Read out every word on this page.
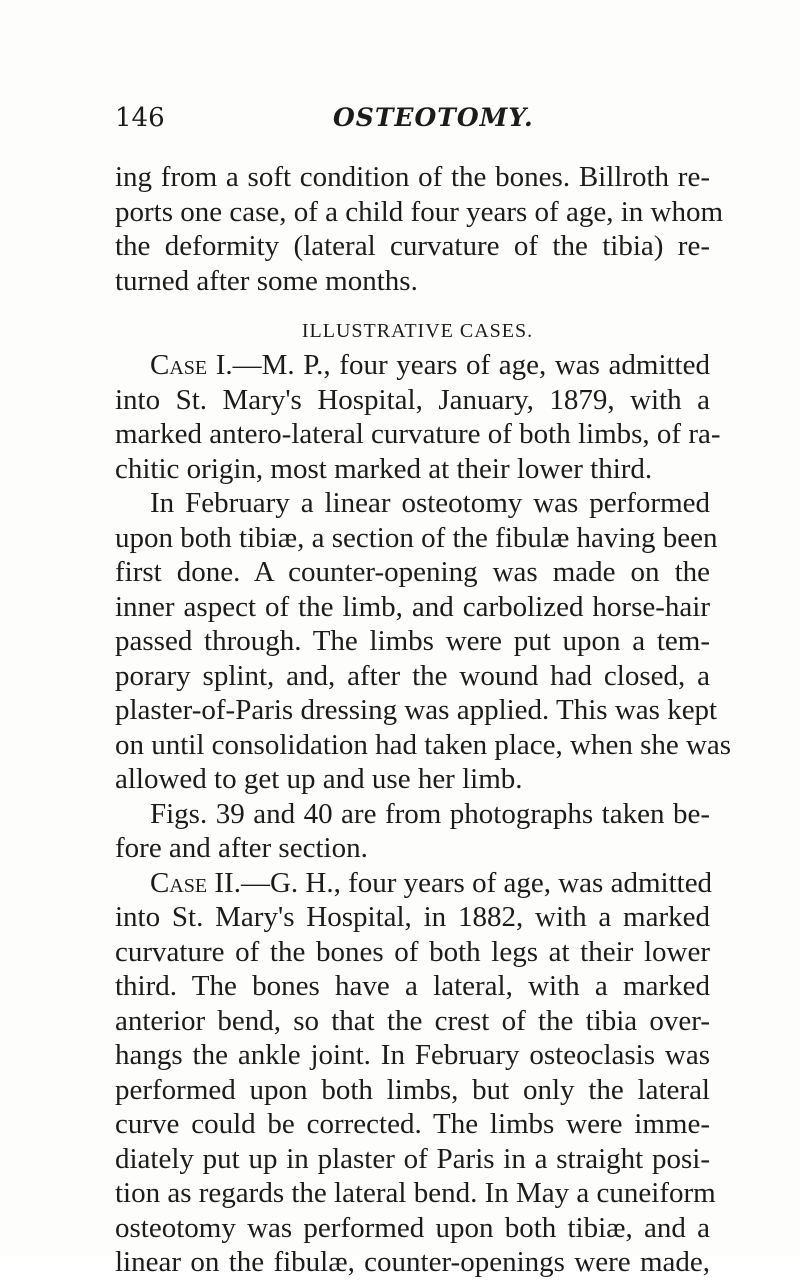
146	OSTEOTOMY.
ing from a soft condition of the bones. Billroth re-
ports one case, of a child four years of age, in whom
the deformity (lateral curvature of the tibia) re-
turned after some months.
ILLUSTRATIVE CASES.
Case I.—M. P., four years of age, was admitted
into St. Mary's Hospital, January, 1879, with a
marked antero-lateral curvature of both limbs, of ra-
chitic origin, most marked at their lower third.
In February a linear osteotomy was performed
upon both tibiæ, a section of the fibulæ having been
first done. A counter-opening was made on the
inner aspect of the limb, and carbolized horse-hair
passed through. The limbs were put upon a tem-
porary splint, and, after the wound had closed, a
plaster-of-Paris dressing was applied. This was kept
on until consolidation had taken place, when she was
allowed to get up and use her limb.
Figs. 39 and 40 are from photographs taken be-
fore and after section.
Case II.—G. H., four years of age, was admitted
into St. Mary's Hospital, in 1882, with a marked
curvature of the bones of both legs at their lower
third. The bones have a lateral, with a marked
anterior bend, so that the crest of the tibia over-
hangs the ankle joint. In February osteoclasis was
performed upon both limbs, but only the lateral
curve could be corrected. The limbs were imme-
diately put up in plaster of Paris in a straight posi-
tion as regards the lateral bend. In May a cuneiform
osteotomy was performed upon both tibiæ, and a
linear on the fibulæ, counter-openings were made,
